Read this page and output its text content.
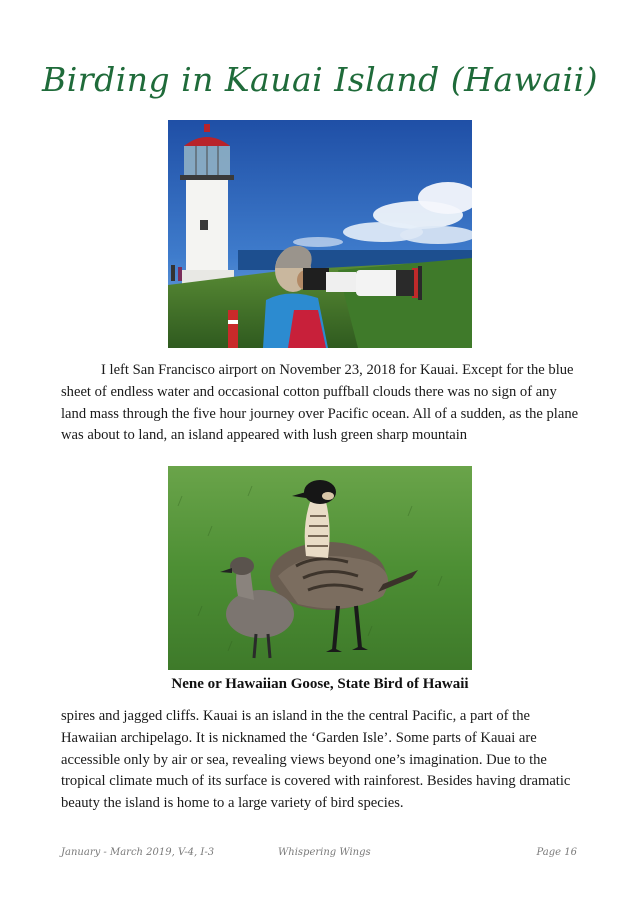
Birding in Kauai Island (Hawaii)

I left San Francisco airport on November 23, 2018 for Kauai. Except for the blue sheet of endless water and occasional cotton puffball clouds there was no sign of any land mass through the five hour journey over Pacific ocean. All of a sudden, as the plane was about to land, an island appeared with lush green sharp mountain

Nene or Hawaiian Goose, State Bird of Hawaii

spires and jagged cliffs. Kauai is an island in the the central Pacific, a part of the Hawaiian archipelago. It is nicknamed the ‘Garden Isle’. Some parts of Kauai are accessible only by air or sea, revealing views beyond one’s imagination. Due to the tropical climate much of its surface is covered with rainforest. Besides having dramatic beauty the island is home to a large variety of bird species.

January - March 2019, V-4, I-3	Whispering Wings	Page 16
